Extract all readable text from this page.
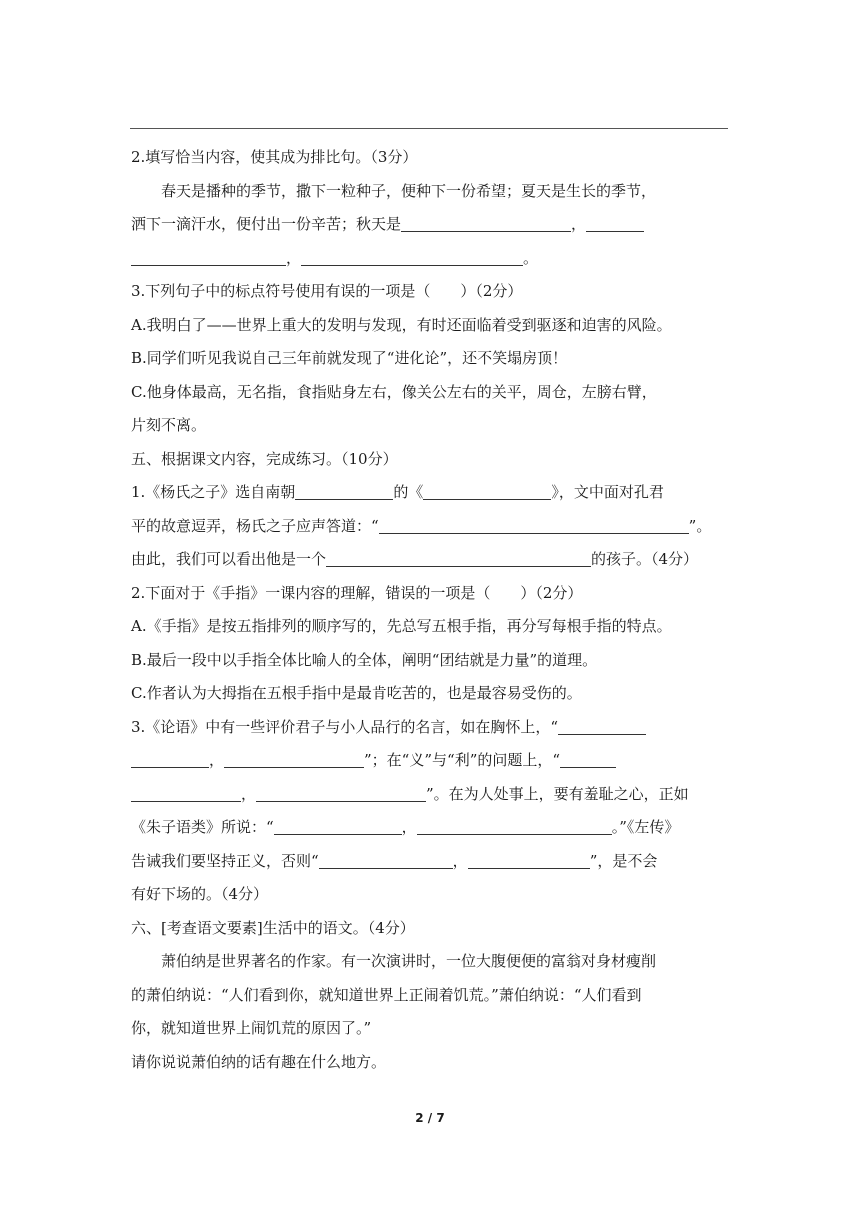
2.填写恰当内容，使其成为排比句。（3分）
春天是播种的季节，撒下一粒种子，便种下一份希望；夏天是生长的季节，
洒下一滴汗水，便付出一份辛苦；秋天是	，
，	。
3.下列句子中的标点符号使用有误的一项是（　　）（2分）
A.我明白了——世界上重大的发明与发现，有时还面临着受到驱逐和迫害的风险。
B.同学们听见我说自己三年前就发现了“进化论”，还不笑塌房顶！
C.他身体最高，无名指，食指贴身左右，像关公左右的关平，周仓，左膀右臂，
片刻不离。
五、根据课文内容，完成练习。（10分）
1.《杨氏之子》选自南朝	的《	》，文中面对孔君
平的故意逗弄，杨氏之子应声答道：“	”。
由此，我们可以看出他是一个	的孩子。（4分）
2.下面对于《手指》一课内容的理解，错误的一项是（　　）（2分）
A.《手指》是按五指排列的顺序写的，先总写五根手指，再分写每根手指的特点。
B.最后一段中以手指全体比喻人的全体，阐明“团结就是力量”的道理。
C.作者认为大拇指在五根手指中是最肯吃苦的，也是最容易受伤的。
3.《论语》中有一些评价君子与小人品行的名言，如在胸怀上，“
，	”；在“义”与“利”的问题上，“
，	”。在为人处事上，要有羞耻之心，正如
《朱子语类》所说：“	，	。”《左传》
告诫我们要坚持正义，否则“	，	”，是不会
有好下场的。（4分）
六、[考查语文要素]生活中的语文。（4分）
萧伯纳是世界著名的作家。有一次演讲时，一位大腹便便的富翁对身材瘦削
的萧伯纳说：“人们看到你，就知道世界上正闹着饥荒。”萧伯纳说：“人们看到
你，就知道世界上闹饥荒的原因了。”
请你说说萧伯纳的话有趣在什么地方。
2 / 7
